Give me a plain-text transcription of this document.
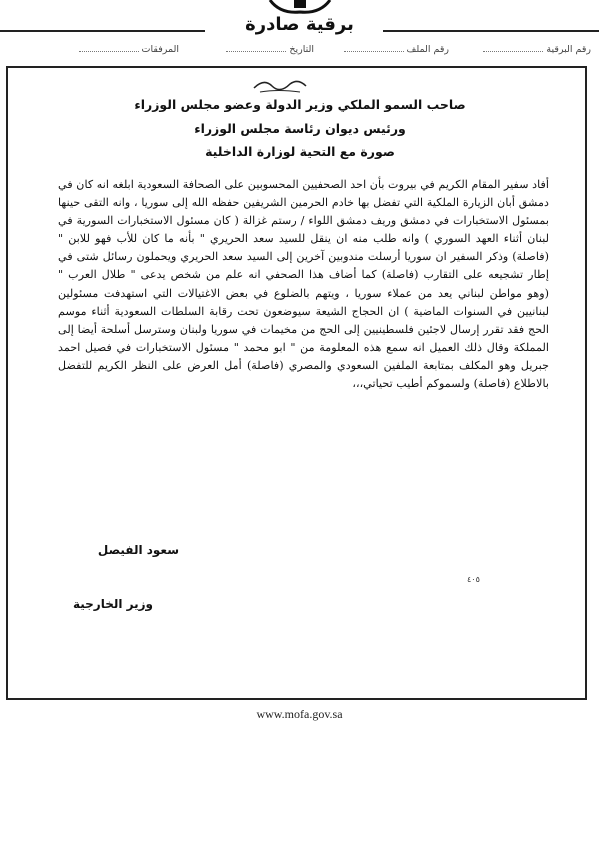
برقية صادرة
رقم البرقية
رقم الملف
التاريخ
المرفقات
صاحب السمو الملكي وزير الدولة وعضو مجلس الوزراء
ورئيس ديوان رئاسة مجلس الوزراء
صورة مع التحية لوزارة الداخلية

أفاد سفير المقام الكريم في بيروت بأن احد الصحفيين المحسوبين على الصحافة السعودية ابلغه انه كان في دمشق أبان الزيارة الملكية التي تفضل بها خادم الحرمين الشريفين حفظه الله إلى سوريا ، وانه التقى حينها بمسئول الاستخبارات في دمشق وريف دمشق اللواء / رستم غزالة ( كان مسئول الاستخبارات السورية في لبنان أثناء العهد السوري ) وانه طلب منه ان ينقل للسيد سعد الحريري " بأنه ما كان للأب فهو للابن " (فاصلة) وذكر السفير ان سوريا أرسلت مندوبين آخرين إلى السيد سعد الحريري ويحملون رسائل شتى في إطار تشجيعه على التقارب (فاصلة) كما أضاف هذا الصحفي انه علم من شخص يدعى " طلال العرب " (وهو مواطن لبناني يعد من عملاء سوريا ، ويتهم بالضلوع في بعض الاغتيالات التي استهدفت مسئولين لبنانيين في السنوات الماضية ) ان الحجاج الشيعة سيوضعون تحت رقابة السلطات السعودية أثناء موسم الحج فقد تقرر إرسال لاجئين فلسطينيين إلى الحج من مخيمات في سوريا ولبنان وسترسل أسلحة أيضا إلى المملكة وقال ذلك العميل انه سمع هذه المعلومة من " ابو محمد " مسئول الاستخبارات في فصيل احمد جبريل وهو المكلف بمتابعة الملفين السعودي والمصري (فاصلة) أمل العرض على النظر الكريم للتفضل بالاطلاع (فاصلة) ولسموكم أطيب تحياتي،،،

سعود الفيصل
٤٠٥
وزير الخارجية
www.mofa.gov.sa
